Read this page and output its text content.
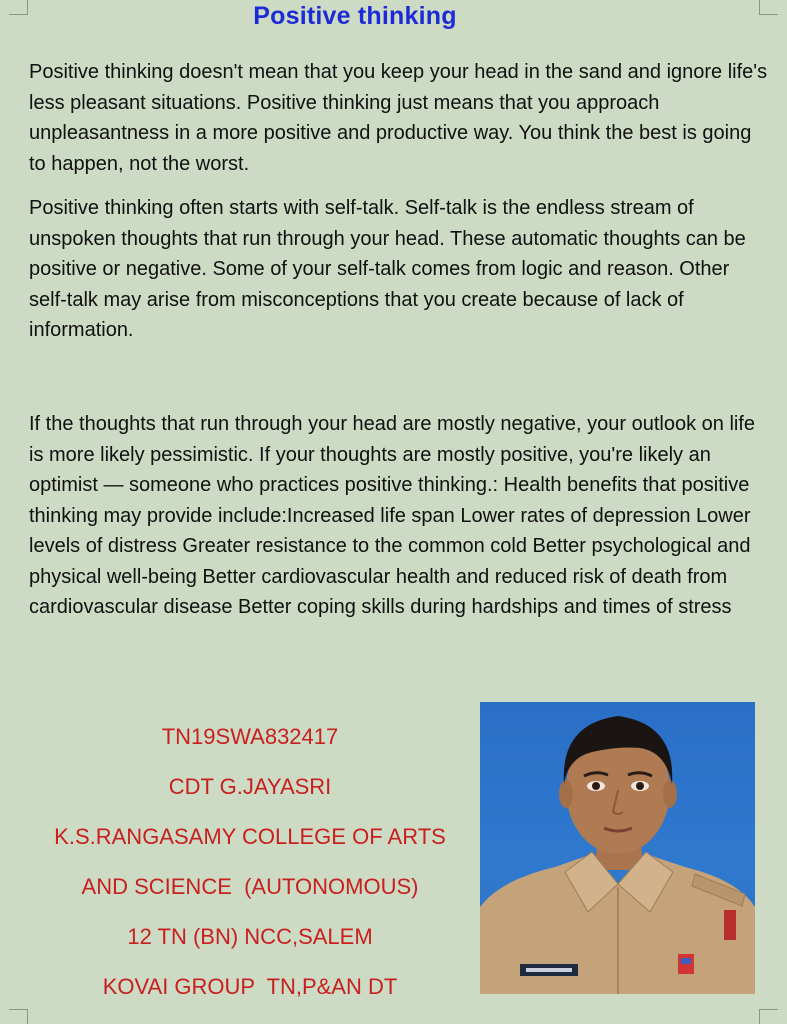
Positive thinking

Positive thinking doesn't mean that you keep your head in the sand and ignore life's less pleasant situations. Positive thinking just means that you approach unpleasantness in a more positive and productive way. You think the best is going to happen, not the worst.

Positive thinking often starts with self-talk. Self-talk is the endless stream of unspoken thoughts that run through your head. These automatic thoughts can be positive or negative. Some of your self-talk comes from logic and reason. Other self-talk may arise from misconceptions that you create because of lack of information.

If the thoughts that run through your head are mostly negative, your outlook on life is more likely pessimistic. If your thoughts are mostly positive, you're likely an optimist — someone who practices positive thinking.: Health benefits that positive thinking may provide include:Increased life span Lower rates of depression Lower levels of distress Greater resistance to the common cold Better psychological and physical well-being Better cardiovascular health and reduced risk of death from cardiovascular disease Better coping skills during hardships and times of stress

TN19SWA832417
CDT G.JAYASRI
K.S.RANGASAMY COLLEGE OF ARTS
AND SCIENCE  (AUTONOMOUS)
12 TN (BN) NCC,SALEM
KOVAI GROUP  TN,P&AN DT
